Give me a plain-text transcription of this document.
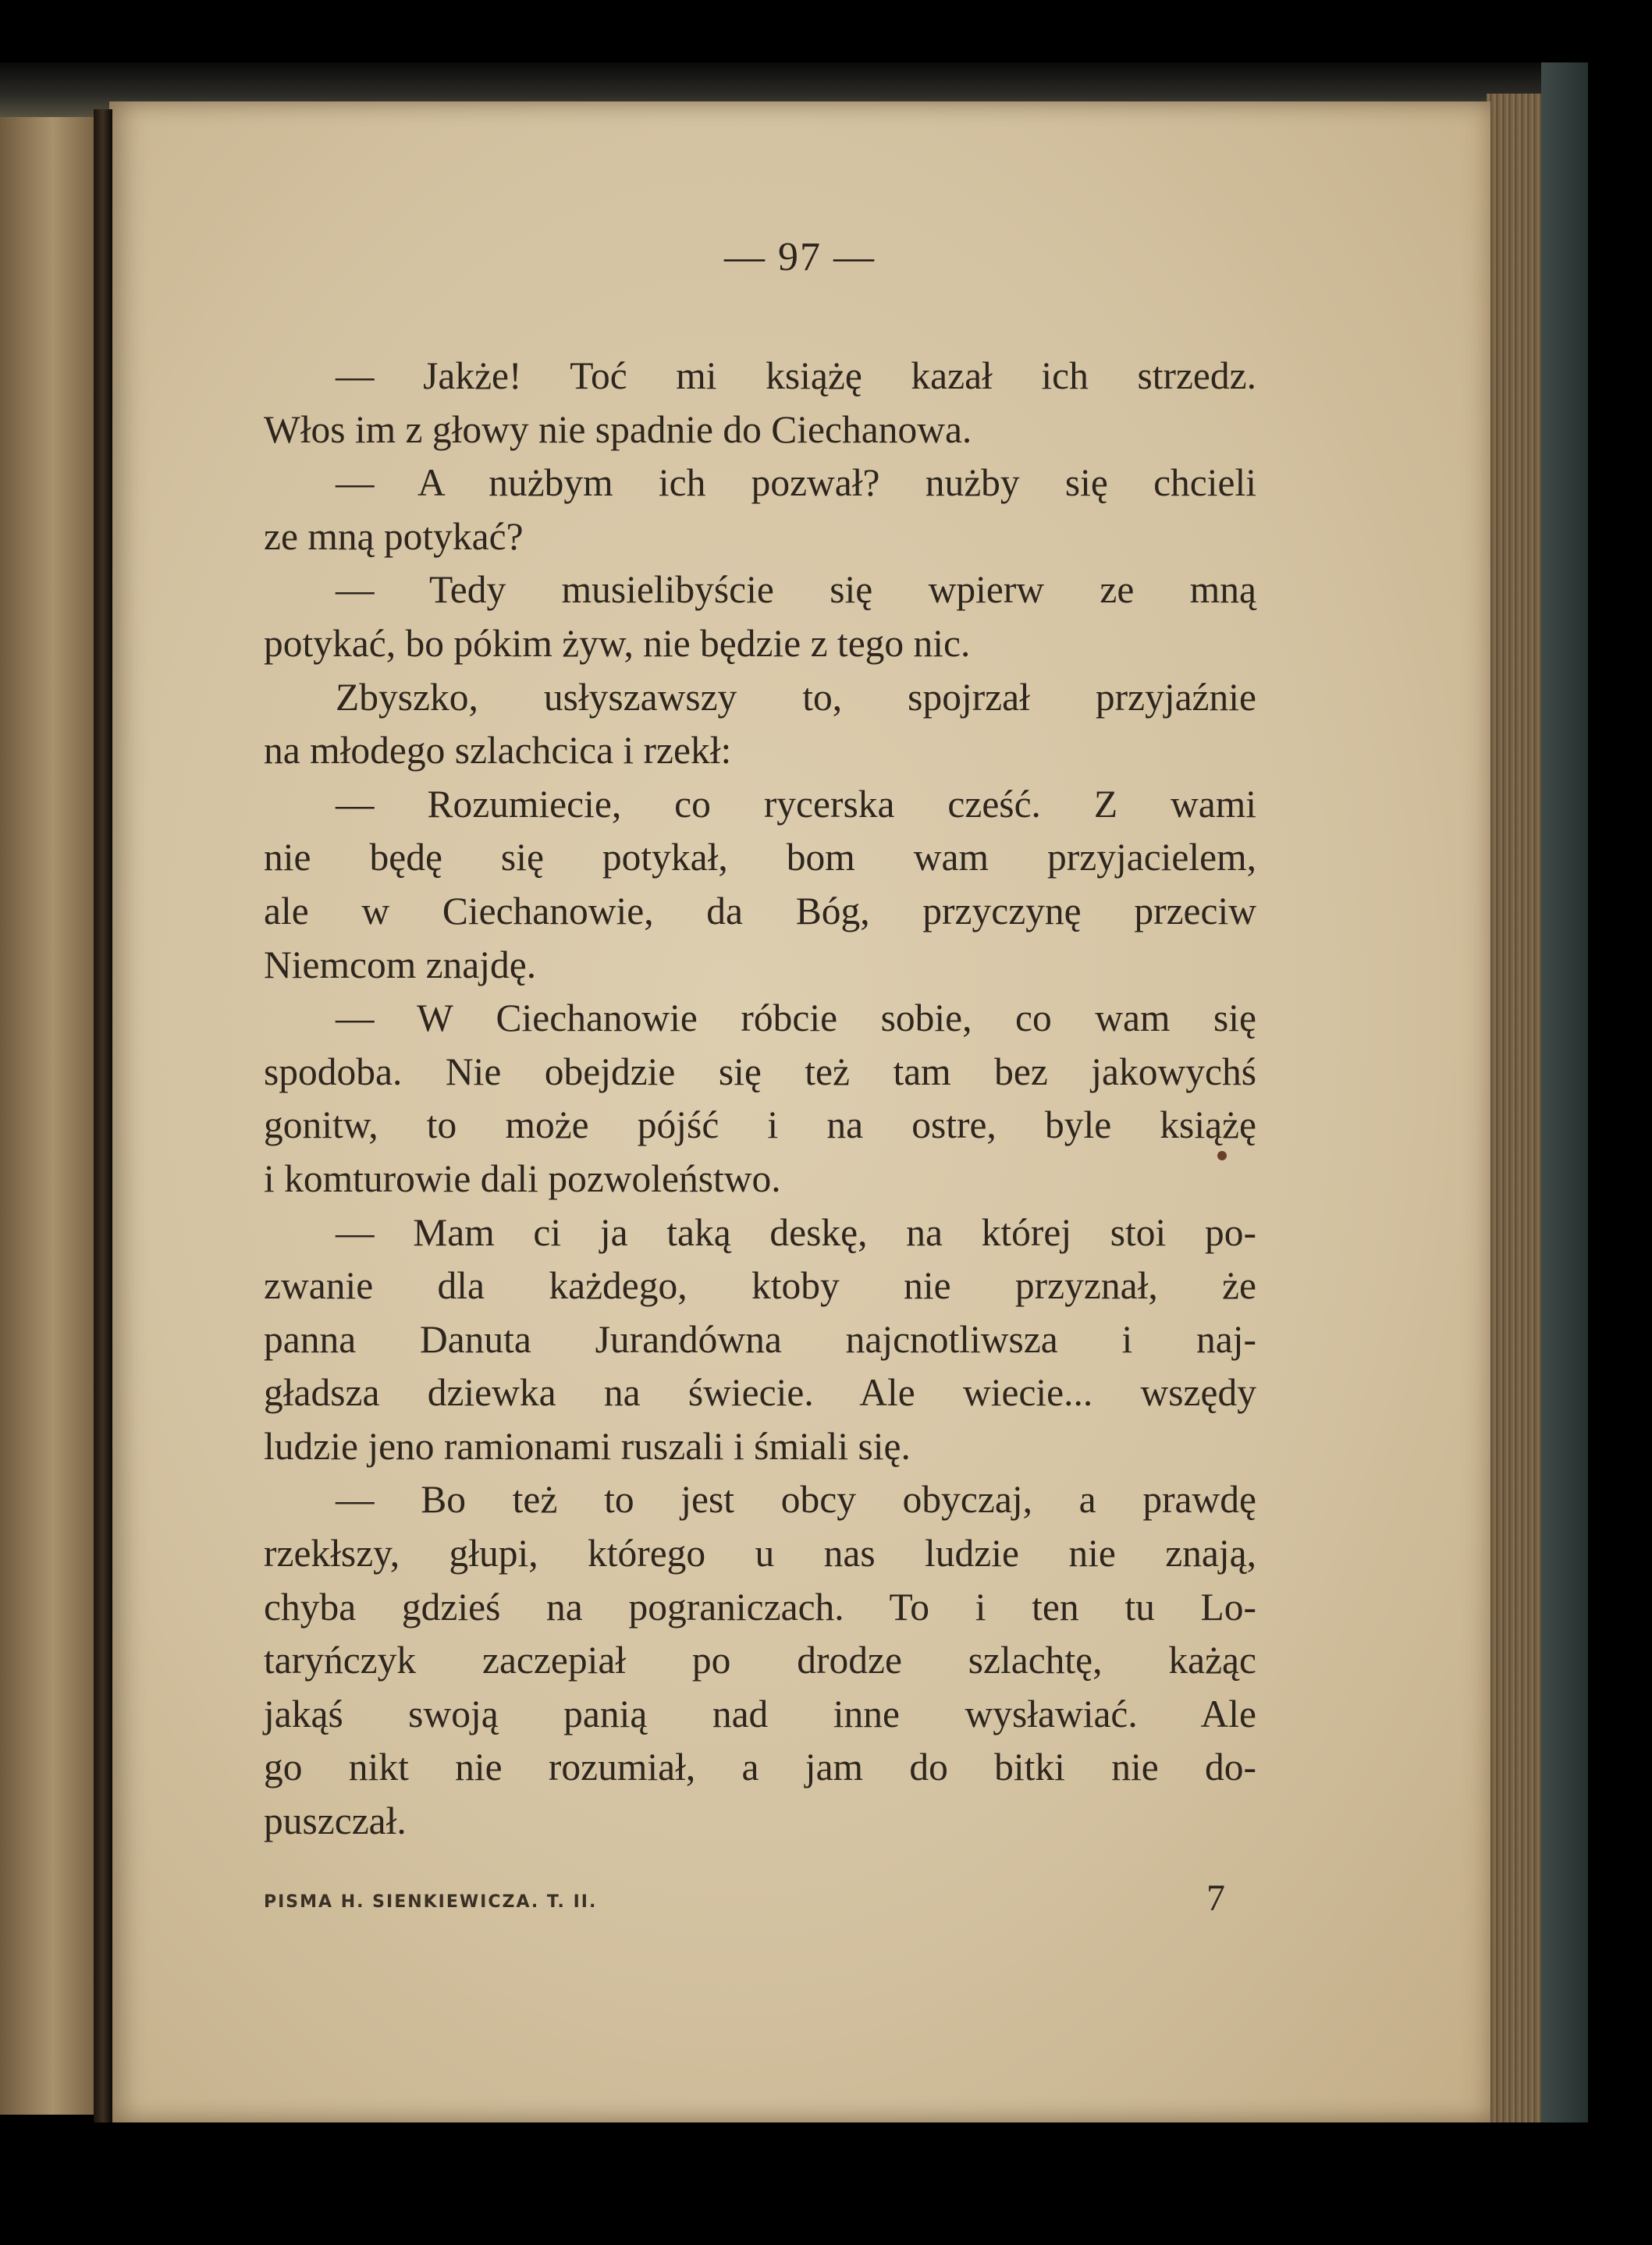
— 97 —
— Jakże! Toć mi książę kazał ich strzedz.
Włos im z głowy nie spadnie do Ciechanowa.
— A nużbym ich pozwał? nużby się chcieli
ze mną potykać?
— Tedy musielibyście się wpierw ze mną
potykać, bo pókim żyw, nie będzie z tego nic.
Zbyszko, usłyszawszy to, spojrzał przyjaźnie
na młodego szlachcica i rzekł:
— Rozumiecie, co rycerska cześć. Z wami
nie będę się potykał, bom wam przyjacielem,
ale w Ciechanowie, da Bóg, przyczynę przeciw
Niemcom znajdę.
— W Ciechanowie róbcie sobie, co wam się
spodoba. Nie obejdzie się też tam bez jakowychś
gonitw, to może pójść i na ostre, byle książę
i komturowie dali pozwoleństwo.
— Mam ci ja taką deskę, na której stoi po-
zwanie dla każdego, ktoby nie przyznał, że
panna Danuta Jurandówna najcnotliwsza i naj-
gładsza dziewka na świecie. Ale wiecie... wszędy
ludzie jeno ramionami ruszali i śmiali się.
— Bo też to jest obcy obyczaj, a prawdę
rzekłszy, głupi, którego u nas ludzie nie znają,
chyba gdzieś na pograniczach. To i ten tu Lo-
taryńczyk zaczepiał po drodze szlachtę, każąc
jakąś swoją panią nad inne wysławiać. Ale
go nikt nie rozumiał, a jam do bitki nie do-
puszczał.
PISMA H. SIENKIEWICZA. T. II.	7
